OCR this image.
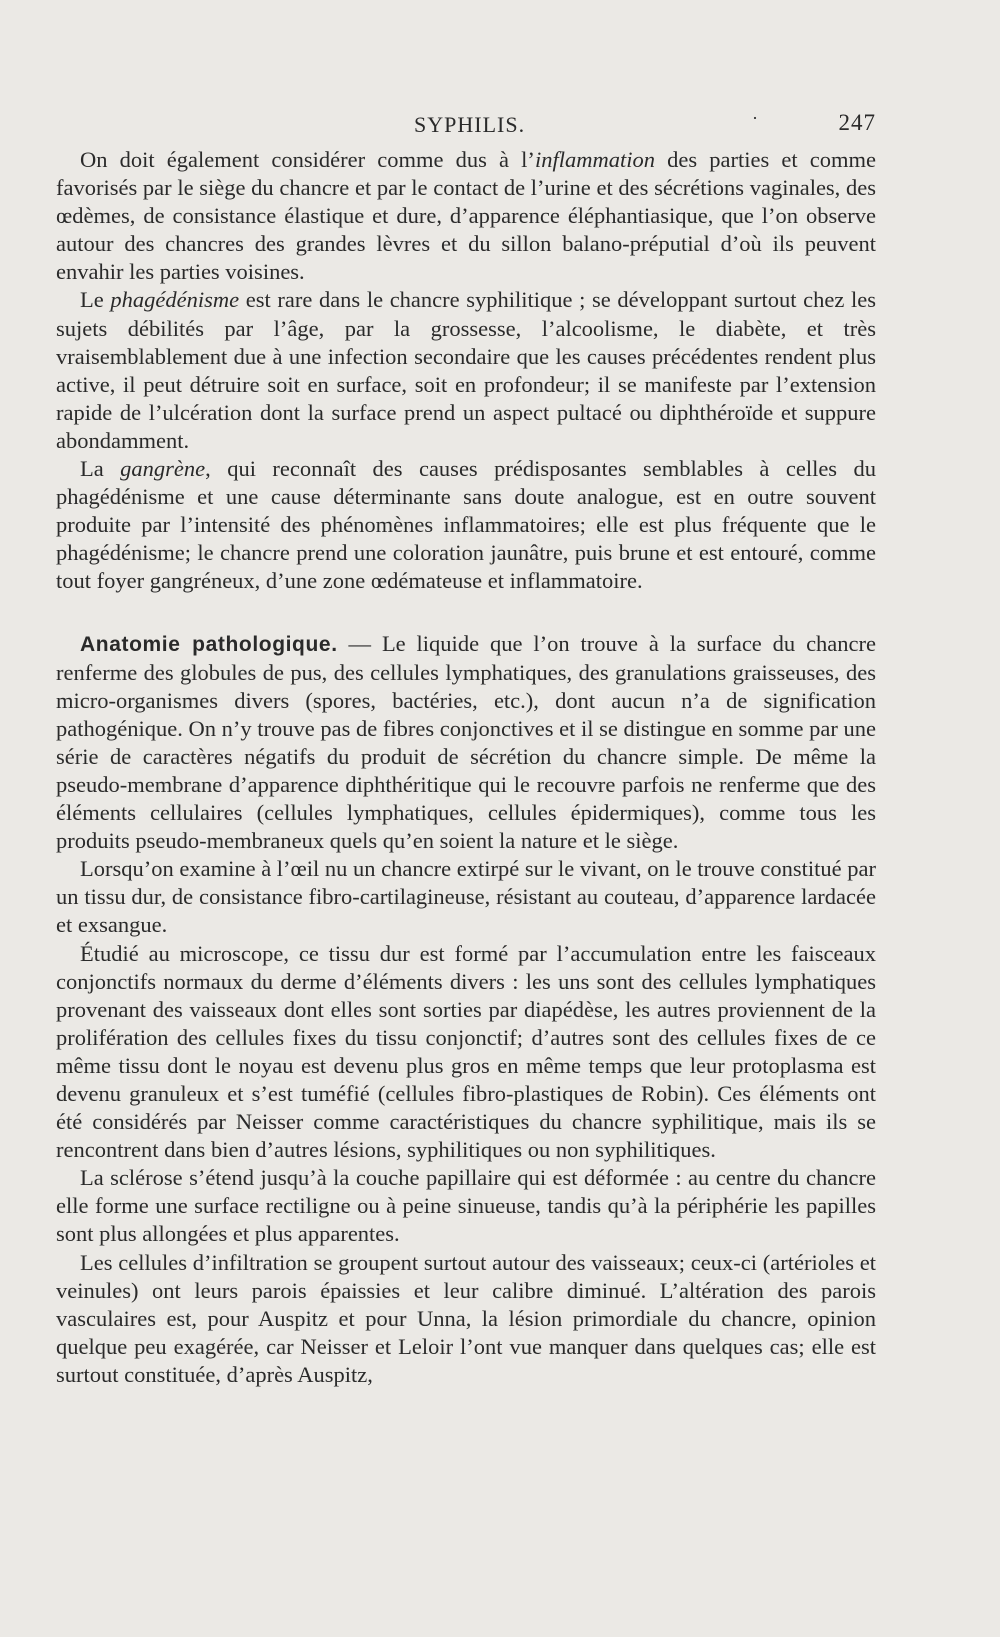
SYPHILIS.	·	247

On doit également considérer comme dus à l’inflammation des parties et comme favorisés par le siège du chancre et par le contact de l’urine et des sécrétions vaginales, des œdèmes, de consistance élastique et dure, d’apparence éléphantiasique, que l’on observe autour des chancres des grandes lèvres et du sillon balano-préputial d’où ils peuvent envahir les parties voisines.

Le phagédénisme est rare dans le chancre syphilitique ; se développant surtout chez les sujets débilités par l’âge, par la grossesse, l’alcoolisme, le diabète, et très vraisemblablement due à une infection secondaire que les causes précédentes rendent plus active, il peut détruire soit en surface, soit en profondeur; il se manifeste par l’extension rapide de l’ulcération dont la surface prend un aspect pultacé ou diphthéroïde et suppure abondamment.

La gangrène, qui reconnaît des causes prédisposantes semblables à celles du phagédénisme et une cause déterminante sans doute analogue, est en outre souvent produite par l’intensité des phénomènes inflammatoires; elle est plus fréquente que le phagédénisme; le chancre prend une coloration jaunâtre, puis brune et est entouré, comme tout foyer gangréneux, d’une zone œdémateuse et inflammatoire.

Anatomie pathologique. — Le liquide que l’on trouve à la surface du chancre renferme des globules de pus, des cellules lymphatiques, des granulations graisseuses, des micro-organismes divers (spores, bactéries, etc.), dont aucun n’a de signification pathogénique. On n’y trouve pas de fibres conjonctives et il se distingue en somme par une série de caractères négatifs du produit de sécrétion du chancre simple. De même la pseudo-membrane d’apparence diphthéritique qui le recouvre parfois ne renferme que des éléments cellulaires (cellules lymphatiques, cellules épidermiques), comme tous les produits pseudo-membraneux quels qu’en soient la nature et le siège.

Lorsqu’on examine à l’œil nu un chancre extirpé sur le vivant, on le trouve constitué par un tissu dur, de consistance fibro-cartilagineuse, résistant au couteau, d’apparence lardacée et exsangue.

Étudié au microscope, ce tissu dur est formé par l’accumulation entre les faisceaux conjonctifs normaux du derme d’éléments divers : les uns sont des cellules lymphatiques provenant des vaisseaux dont elles sont sorties par diapédèse, les autres proviennent de la prolifération des cellules fixes du tissu conjonctif; d’autres sont des cellules fixes de ce même tissu dont le noyau est devenu plus gros en même temps que leur protoplasma est devenu granuleux et s’est tuméfié (cellules fibro-plastiques de Robin). Ces éléments ont été considérés par Neisser comme caractéristiques du chancre syphilitique, mais ils se rencontrent dans bien d’autres lésions, syphilitiques ou non syphilitiques.

La sclérose s’étend jusqu’à la couche papillaire qui est déformée : au centre du chancre elle forme une surface rectiligne ou à peine sinueuse, tandis qu’à la périphérie les papilles sont plus allongées et plus apparentes.

Les cellules d’infiltration se groupent surtout autour des vaisseaux; ceux-ci (artérioles et veinules) ont leurs parois épaissies et leur calibre diminué. L’altération des parois vasculaires est, pour Auspitz et pour Unna, la lésion primordiale du chancre, opinion quelque peu exagérée, car Neisser et Leloir l’ont vue manquer dans quelques cas; elle est surtout constituée, d’après Auspitz,
